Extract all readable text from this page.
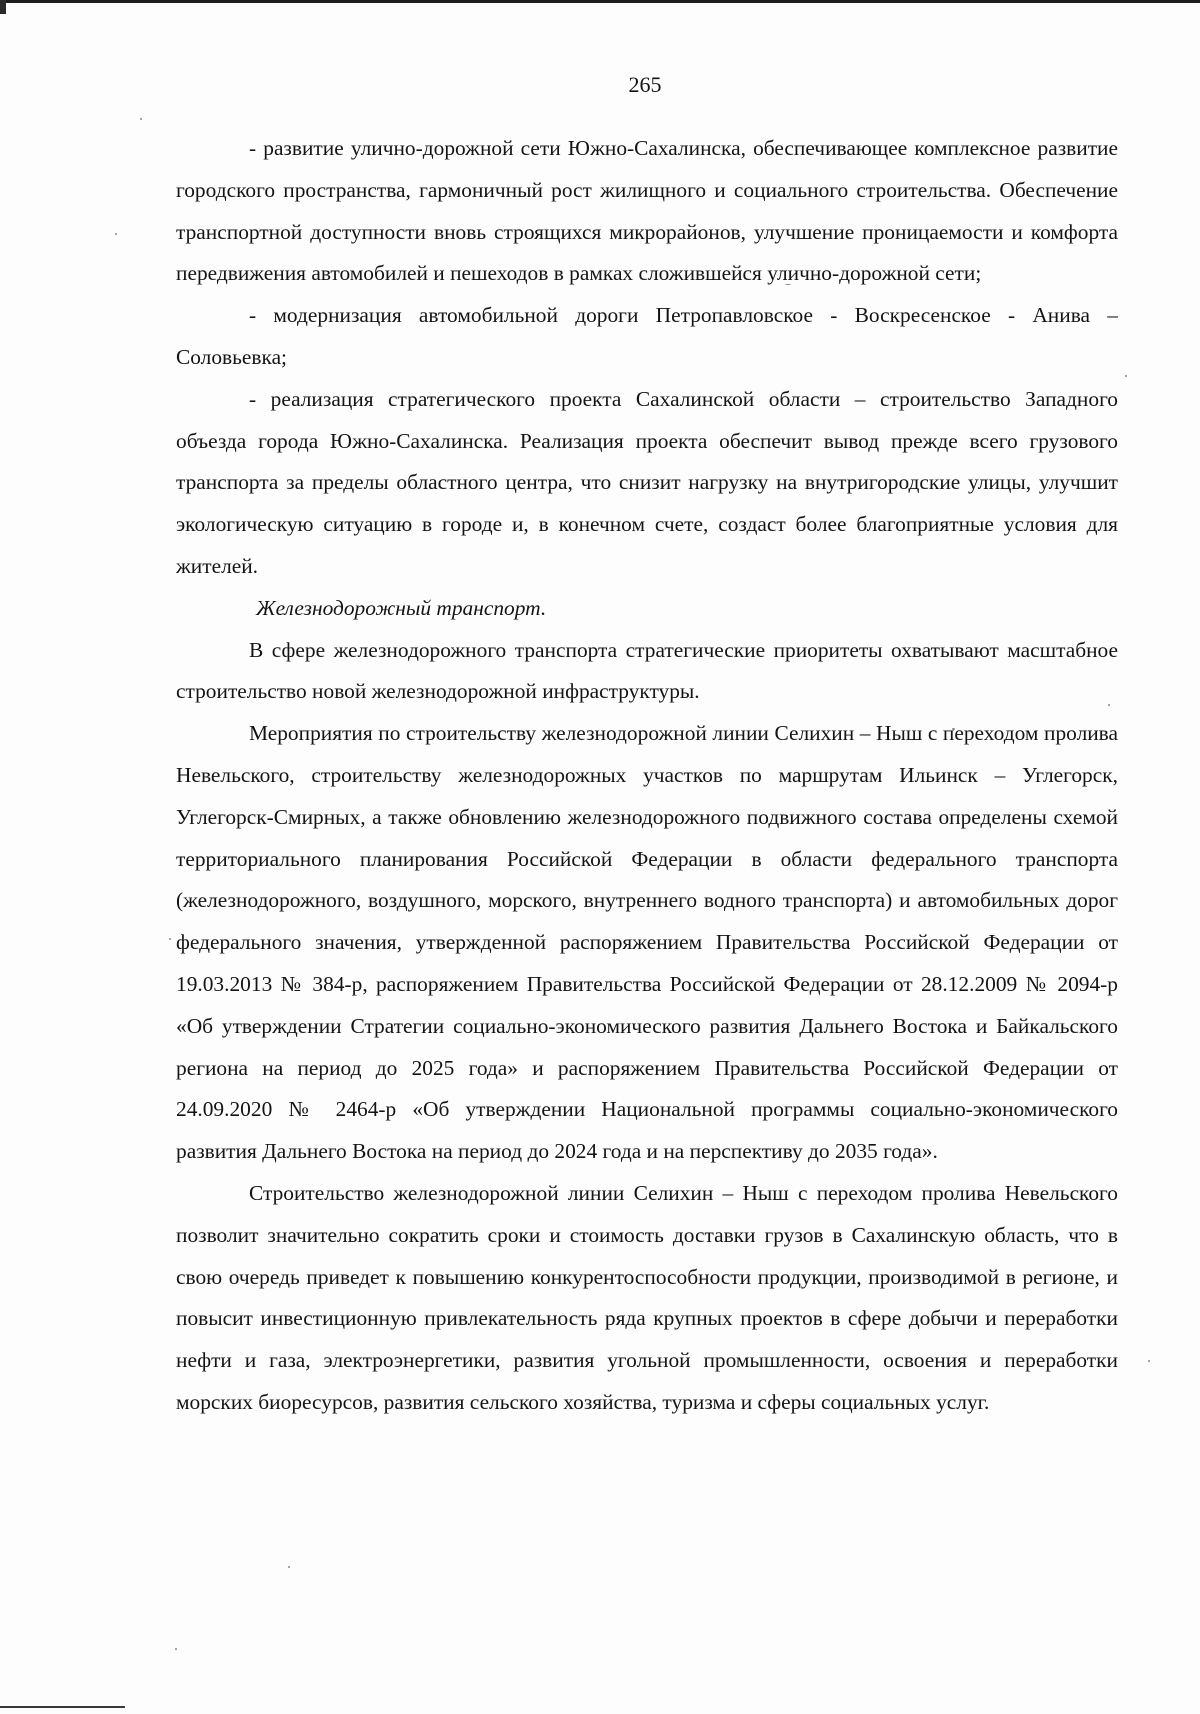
265

- развитие улично-дорожной сети Южно-Сахалинска, обеспечивающее комплексное развитие городского пространства, гармоничный рост жилищного и социального строительства. Обеспечение транспортной доступности вновь строящихся микрорайонов, улучшение проницаемости и комфорта передвижения автомобилей и пешеходов в рамках сложившейся улично-дорожной сети;

- модернизация автомобильной дороги Петропавловское - Воскресенское - Анива – Соловьевка;

- реализация стратегического проекта Сахалинской области – строительство Западного объезда города Южно-Сахалинска. Реализация проекта обеспечит вывод прежде всего грузового транспорта за пределы областного центра, что снизит нагрузку на внутригородские улицы, улучшит экологическую ситуацию в городе и, в конечном счете, создаст более благоприятные условия для жителей.

Железнодорожный транспорт.

В сфере железнодорожного транспорта стратегические приоритеты охватывают масштабное строительство новой железнодорожной инфраструктуры.

Мероприятия по строительству железнодорожной линии Селихин – Ныш с переходом пролива Невельского, строительству железнодорожных участков по маршрутам Ильинск – Углегорск, Углегорск-Смирных, а также обновлению железнодорожного подвижного состава определены схемой территориального планирования Российской Федерации в области федерального транспорта (железнодорожного, воздушного, морского, внутреннего водного транспорта) и автомобильных дорог федерального значения, утвержденной распоряжением Правительства Российской Федерации от 19.03.2013 № 384-р, распоряжением Правительства Российской Федерации от 28.12.2009 № 2094-р «Об утверждении Стратегии социально-экономического развития Дальнего Востока и Байкальского региона на период до 2025 года» и распоряжением Правительства Российской Федерации от 24.09.2020 № 2464-р «Об утверждении Национальной программы социально-экономического развития Дальнего Востока на период до 2024 года и на перспективу до 2035 года».

Строительство железнодорожной линии Селихин – Ныш с переходом пролива Невельского позволит значительно сократить сроки и стоимость доставки грузов в Сахалинскую область, что в свою очередь приведет к повышению конкурентоспособности продукции, производимой в регионе, и повысит инвестиционную привлекательность ряда крупных проектов в сфере добычи и переработки нефти и газа, электроэнергетики, развития угольной промышленности, освоения и переработки морских биоресурсов, развития сельского хозяйства, туризма и сферы социальных услуг.
